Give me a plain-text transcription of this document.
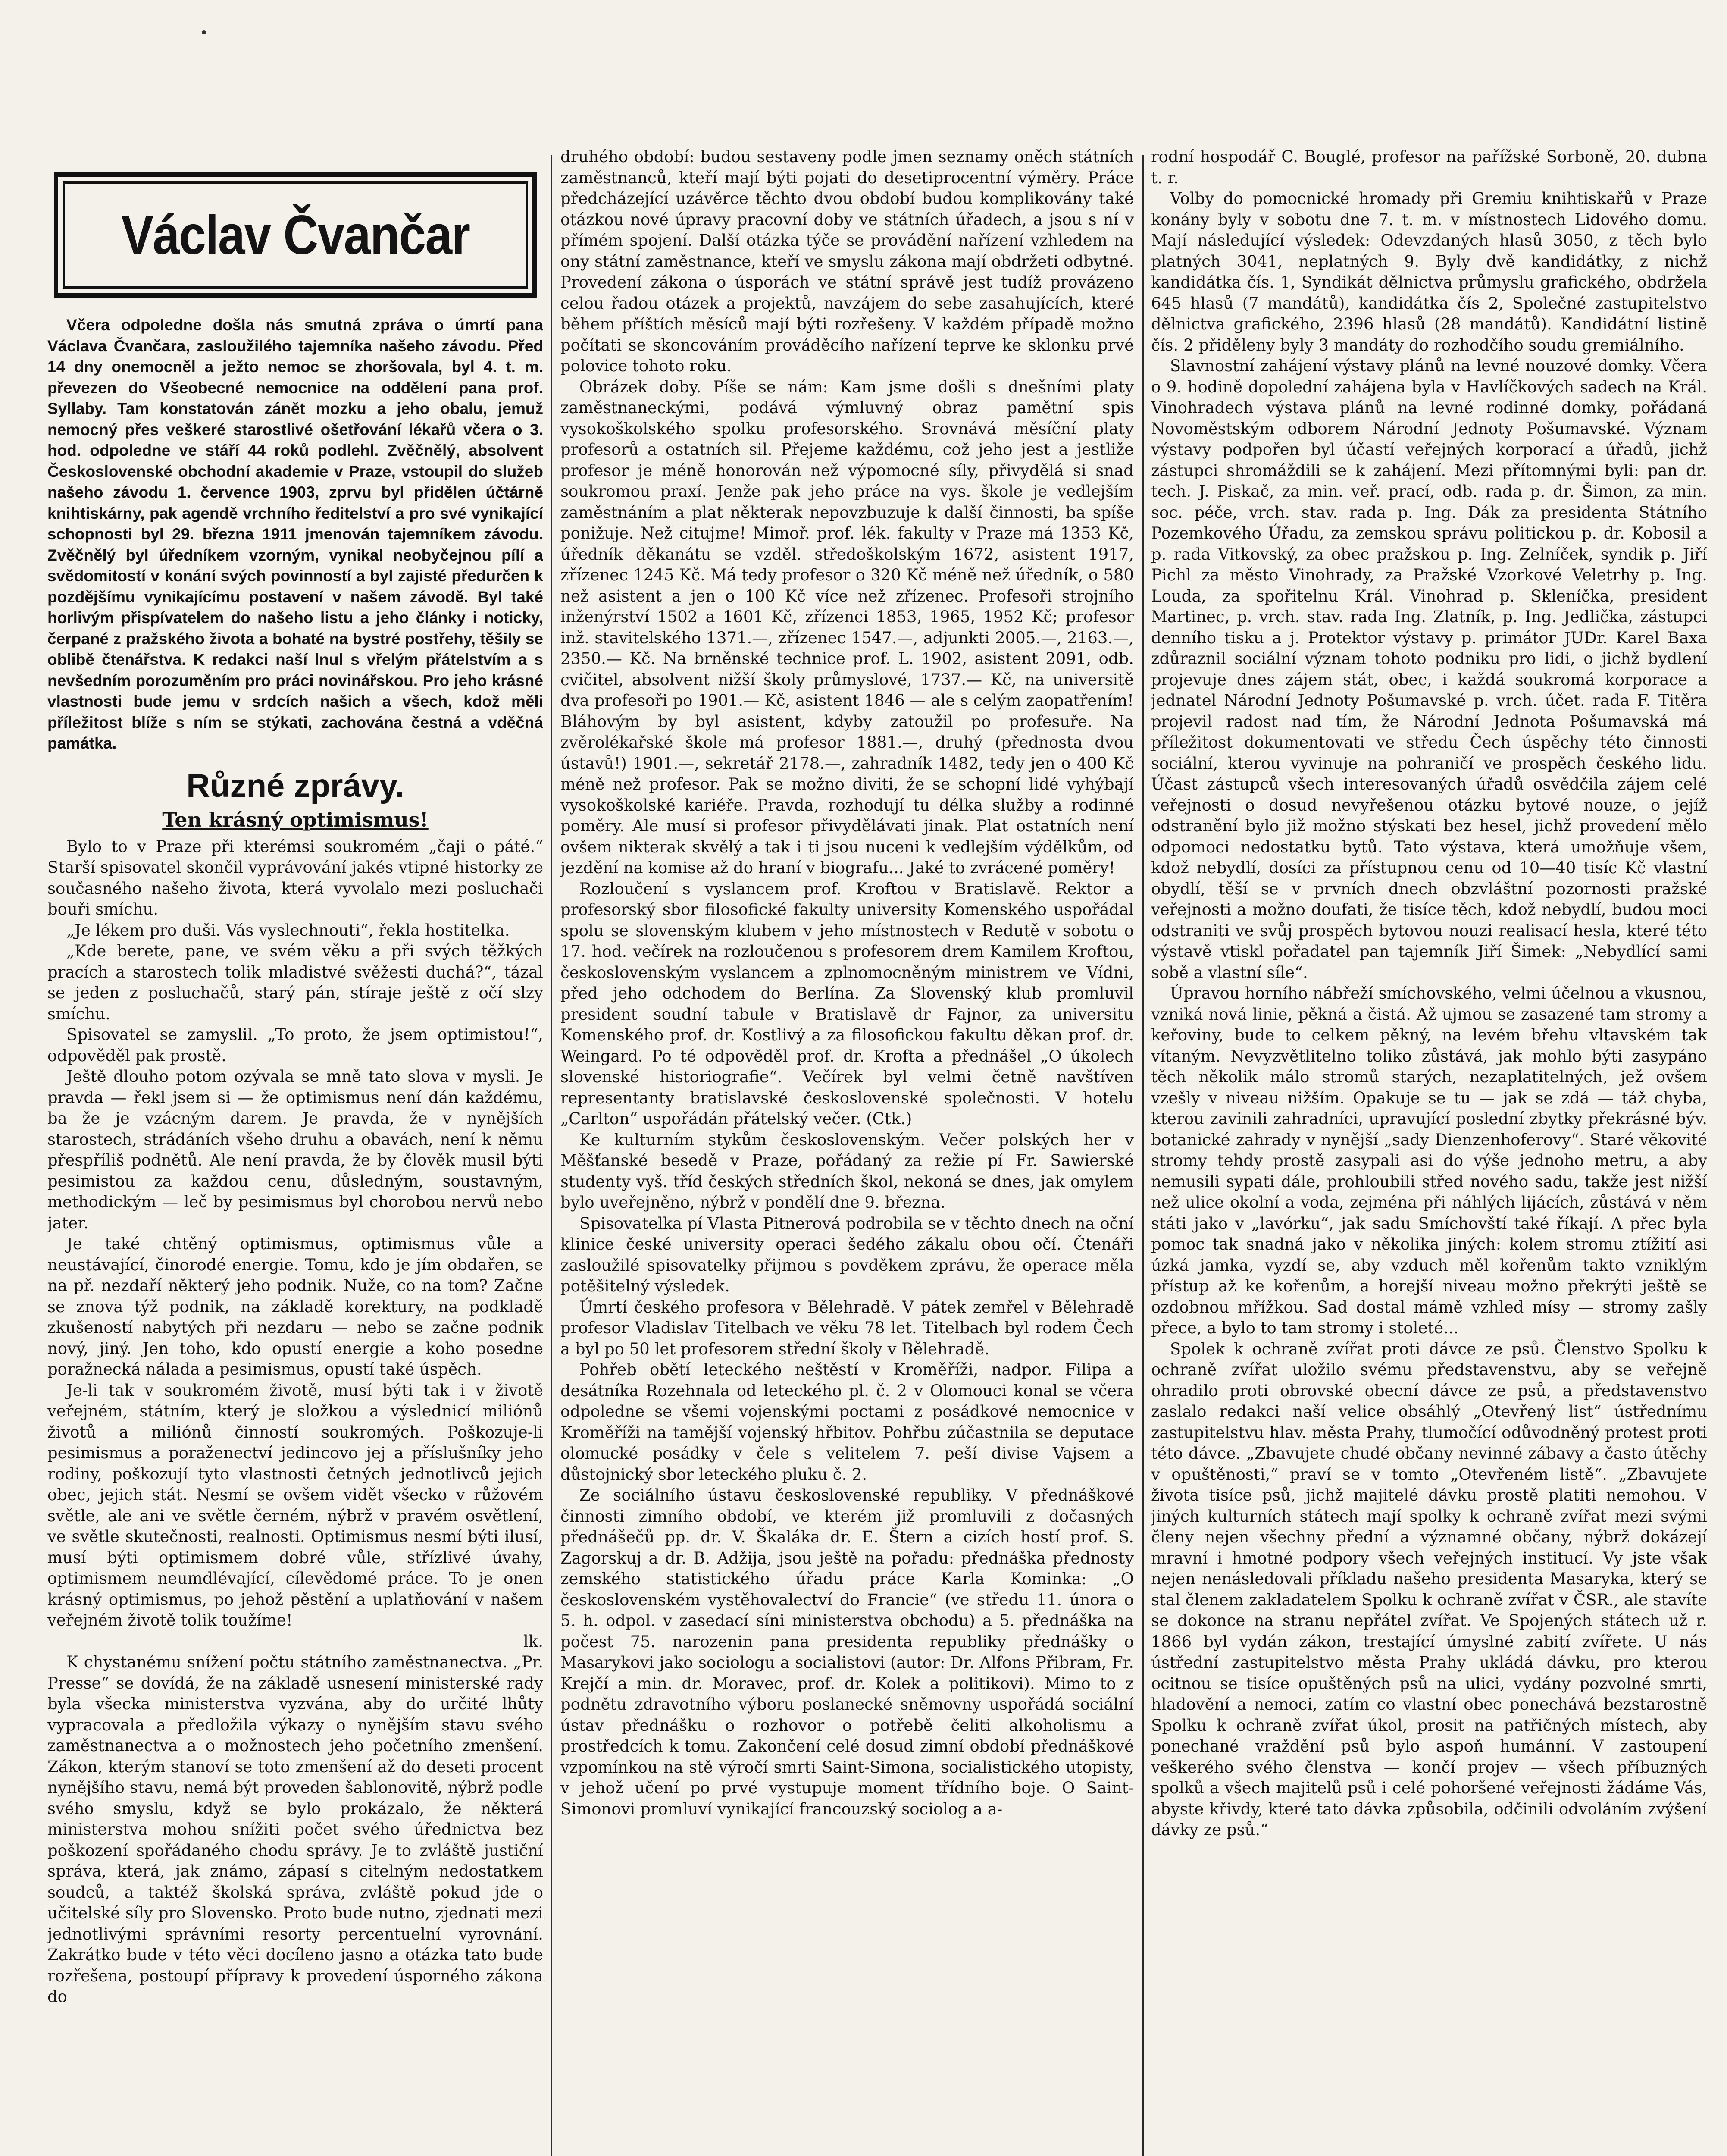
Václav Čvančar

Včera odpoledne došla nás smutná zpráva o úmrtí pana Václava Čvančara, zasloužilého tajemníka našeho závodu. Před 14 dny onemocněl a ježto nemoc se zhoršovala, byl 4. t. m. převezen do Všeobecné nemocnice na oddělení pana prof. Syllaby. Tam konstatován zánět mozku a jeho obalu, jemuž nemocný přes veškeré starostlivé ošetřování lékařů včera o 3. hod. odpoledne ve stáří 44 roků podlehl. Zvěčnělý, absolvent Československé obchodní akademie v Praze, vstoupil do služeb našeho závodu 1. července 1903, zprvu byl přidělen účtárně knihtiskárny, pak agendě vrchního ředitelství a pro své vynikající schopnosti byl 29. března 1911 jmenován tajemníkem závodu. Zvěčnělý byl úředníkem vzorným, vynikal neobyčejnou pílí a svědomitostí v konání svých povinností a byl zajisté předurčen k pozdějšímu vynikajícímu postavení v našem závodě. Byl také horlivým přispívatelem do našeho listu a jeho články i noticky, čerpané z pražského života a bohaté na bystré postřehy, těšily se oblibě čtenářstva. K redakci naší lnul s vřelým přátelstvím a s nevšedním porozuměním pro práci novinářskou. Pro jeho krásné vlastnosti bude jemu v srdcích našich a všech, kdož měli příležitost blíže s ním se stýkati, zachována čestná a vděčná památka.

Různé zprávy.
Ten krásný optimismus!

Bylo to v Praze při kterémsi soukromém „čaji o páté.“ Starší spisovatel skončil vyprávování jakés vtipné historky ze současného našeho života, která vyvolalo mezi posluchači bouři smíchu.

„Je lékem pro duši. Vás vyslechnouti“, řekla hostitelka.

„Kde berete, pane, ve svém věku a při svých těžkých pracích a starostech tolik mladistvé svěžesti duchá?“, tázal se jeden z posluchačů, starý pán, stíraje ještě z očí slzy smíchu.

Spisovatel se zamyslil. „To proto, že jsem optimistou!“, odpověděl pak prostě.

Ještě dlouho potom ozývala se mně tato slova v mysli. Je pravda — řekl jsem si — že optimismus není dán každému, ba že je vzácným darem. Je pravda, že v nynějších starostech, strádáních všeho druhu a obavách, není k němu přespříliš podnětů. Ale není pravda, že by člověk musil býti pesimistou za každou cenu, důsledným, soustavným, methodickým — leč by pesimismus byl chorobou nervů nebo jater.

Je také chtěný optimismus, optimismus vůle a neustávající, činorodé energie. Tomu, kdo je jím obdařen, se na př. nezdaří některý jeho podnik. Nuže, co na tom? Začne se znova týž podnik, na základě korektury, na podkladě zkušeností nabytých při nezdaru — nebo se začne podnik nový, jiný. Jen toho, kdo opustí energie a koho posedne poražnecká nálada a pesimismus, opustí také úspěch.

Je-li tak v soukromém životě, musí býti tak i v životě veřejném, státním, který je složkou a výslednicí miliónů životů a miliónů činností soukromých. Poškozuje-li pesimismus a poraženectví jedincovo jej a příslušníky jeho rodiny, poškozují tyto vlastnosti četných jednotlivců jejich obec, jejich stát. Nesmí se ovšem vidět všecko v růžovém světle, ale ani ve světle černém, nýbrž v pravém osvětlení, ve světle skutečnosti, realnosti. Optimismus nesmí býti ilusí, musí býti optimismem dobré vůle, střízlivé úvahy, optimismem neumdlévající, cílevědomé práce. To je onen krásný optimismus, po jehož pěstění a uplatňování v našem veřejném životě tolik toužíme!

lk.

K chystanému snížení počtu státního zaměstnanectva. „Pr. Presse“ se dovídá, že na základě usnesení ministerské rady byla všecka ministerstva vyzvána, aby do určité lhůty vypracovala a předložila výkazy o nynějším stavu svého zaměstnanectva a o možnostech jeho početního zmenšení. Zákon, kterým stanoví se toto zmenšení až do deseti procent nynějšího stavu, nemá být proveden šablonovitě, nýbrž podle svého smyslu, když se bylo prokázalo, že některá ministerstva mohou snížiti počet svého úřednictva bez poškození spořádaného chodu správy. Je to zvláště justiční správa, která, jak známo, zápasí s citelným nedostatkem soudců, a taktéž školská správa, zvláště pokud jde o učitelské síly pro Slovensko. Proto bude nutno, zjednati mezi jednotlivými správními resorty percentuelní vyrovnání. Zakrátko bude v této věci docíleno jasno a otázka tato bude rozřešena, postoupí přípravy k provedení úsporného zákona do

druhého období: budou sestaveny podle jmen seznamy oněch státních zaměstnanců, kteří mají býti pojati do desetiprocentní výměry. Práce předcházející uzávěrce těchto dvou období budou komplikovány také otázkou nové úpravy pracovní doby ve státních úřadech, a jsou s ní v přímém spojení. Další otázka týče se provádění nařízení vzhledem na ony státní zaměstnance, kteří ve smyslu zákona mají obdržeti odbytné. Provedení zákona o úsporách ve státní správě jest tudíž provázeno celou řadou otázek a projektů, navzájem do sebe zasahujících, které během příštích měsíců mají býti rozřešeny. V každém případě možno počítati se skoncováním prováděcího nařízení teprve ke sklonku prvé polovice tohoto roku.

Obrázek doby. Píše se nám: Kam jsme došli s dnešními platy zaměstnaneckými, podává výmluvný obraz pamětní spis vysokoškolského spolku profesorského. Srovnává měsíční platy profesorů a ostatních sil. Přejeme každému, což jeho jest a jestliže profesor je méně honorován než výpomocné síly, přivydělá si snad soukromou praxí. Jenže pak jeho práce na vys. škole je vedlejším zaměstnáním a plat některak nepovzbuzuje k další činnosti, ba spíše ponižuje. Než citujme! Mimoř. prof. lék. fakulty v Praze má 1353 Kč, úředník děkanátu se vzděl. středoškolským 1672, asistent 1917, zřízenec 1245 Kč. Má tedy profesor o 320 Kč méně než úředník, o 580 než asistent a jen o 100 Kč více než zřízenec. Profesoři strojního inženýrství 1502 a 1601 Kč, zřízenci 1853, 1965, 1952 Kč; profesor inž. stavitelského 1371.—, zřízenec 1547.—, adjunkti 2005.—, 2163.—, 2350.— Kč. Na brněnské technice prof. L. 1902, asistent 2091, odb. cvičitel, absolvent nižší školy průmyslové, 1737.— Kč, na universitě dva profesoři po 1901.— Kč, asistent 1846 — ale s celým zaopatřením! Bláhovým by byl asistent, kdyby zatoužil po profesuře. Na zvěrolékařské škole má profesor 1881.—, druhý (přednosta dvou ústavů!) 1901.—, sekretář 2178.—, zahradník 1482, tedy jen o 400 Kč méně než profesor. Pak se možno diviti, že se schopní lidé vyhýbají vysokoškolské kariéře. Pravda, rozhodují tu délka služby a rodinné poměry. Ale musí si profesor přivydělávati jinak. Plat ostatních není ovšem nikterak skvělý a tak i ti jsou nuceni k vedlejším výdělkům, od jezdění na komise až do hraní v biografu... Jaké to zvrácené poměry!

Rozloučení s vyslancem prof. Kroftou v Bratislavě. Rektor a profesorský sbor filosofické fakulty university Komenského uspořádal spolu se slovenským klubem v jeho místnostech v Redutě v sobotu o 17. hod. večírek na rozloučenou s profesorem drem Kamilem Kroftou, československým vyslancem a zplnomocněným ministrem ve Vídni, před jeho odchodem do Berlína. Za Slovenský klub promluvil president soudní tabule v Bratislavě dr Fajnor, za universitu Komenského prof. dr. Kostlivý a za filosofickou fakultu děkan prof. dr. Weingard. Po té odpověděl prof. dr. Krofta a přednášel „O úkolech slovenské historiografie“. Večírek byl velmi četně navštíven representanty bratislavské československé společnosti. V hotelu „Carlton“ uspořádán přátelský večer. (Ctk.)

Ke kulturním stykům československým. Večer polských her v Měšťanské besedě v Praze, pořádaný za režie pí Fr. Sawierské studenty vyš. tříd českých středních škol, nekoná se dnes, jak omylem bylo uveřejněno, nýbrž v pondělí dne 9. března.

Spisovatelka pí Vlasta Pitnerová podrobila se v těchto dnech na oční klinice české university operaci šedého zákalu obou očí. Čtenáři zasloužilé spisovatelky přijmou s povděkem zprávu, že operace měla potěšitelný výsledek.

Úmrtí českého profesora v Bělehradě. V pátek zemřel v Bělehradě profesor Vladislav Titelbach ve věku 78 let. Titelbach byl rodem Čech a byl po 50 let profesorem střední školy v Bělehradě.

Pohřeb obětí leteckého neštěstí v Kroměříži, nadpor. Filipa a desátníka Rozehnala od leteckého pl. č. 2 v Olomouci konal se včera odpoledne se všemi vojenskými poctami z posádkové nemocnice v Kroměříži na tamější vojenský hřbitov. Pohřbu zúčastnila se deputace olomucké posádky v čele s velitelem 7. peší divise Vajsem a důstojnický sbor leteckého pluku č. 2.

Ze sociálního ústavu československé republiky. V přednáškové činnosti zimního období, ve kterém již promluvili z dočasných přednášečů pp. dr. V. Škaláka dr. E. Štern a cizích hostí prof. S. Zagorskuj a dr. B. Adžija, jsou ještě na pořadu: přednáška přednosty zemského statistického úřadu práce Karla Kominka: „O československém vystěhovalectví do Francie“ (ve středu 11. února o 5. h. odpol. v zasedací síni ministerstva obchodu) a 5. přednáška na počest 75. narozenin pana presidenta republiky přednášky o Masarykovi jako sociologu a socialistovi (autor: Dr. Alfons Přibram, Fr. Krejčí a min. dr. Moravec, prof. dr. Kolek a politikovi). Mimo to z podnětu zdravotního výboru poslanecké sněmovny uspořádá sociální ústav přednášku o rozhovor o potřebě čeliti alkoholismu a prostředcích k tomu. Zakončení celé dosud zimní období přednáškové vzpomínkou na stě výročí smrti Saint-Simona, socialistického utopisty, v jehož učení po prvé vystupuje moment třídního boje. O Saint-Simonovi promluví vynikající francouzský sociolog a a-

rodní hospodář C. Bouglé, profesor na pařížské Sorboně, 20. dubna t. r.

Volby do pomocnické hromady při Gremiu knihtiskařů v Praze konány byly v sobotu dne 7. t. m. v místnostech Lidového domu. Mají následující výsledek: Odevzdaných hlasů 3050, z těch bylo platných 3041, neplatných 9. Byly dvě kandidátky, z nichž kandidátka čís. 1, Syndikát dělnictva průmyslu grafického, obdržela 645 hlasů (7 mandátů), kandidátka čís 2, Společné zastupitelstvo dělnictva grafického, 2396 hlasů (28 mandátů). Kandidátní listině čís. 2 přiděleny byly 3 mandáty do rozhodčího soudu gremiálního.

Slavnostní zahájení výstavy plánů na levné nouzové domky. Včera o 9. hodině dopolední zahájena byla v Havlíčkových sadech na Král. Vinohradech výstava plánů na levné rodinné domky, pořádaná Novoměstským odborem Národní Jednoty Pošumavské. Význam výstavy podpořen byl účastí veřejných korporací a úřadů, jichž zástupci shromáždili se k zahájení. Mezi přítomnými byli: pan dr. tech. J. Piskač, za min. veř. prací, odb. rada p. dr. Šimon, za min. soc. péče, vrch. stav. rada p. Ing. Dák za presidenta Státního Pozemkového Úřadu, za zemskou správu politickou p. dr. Kobosil a p. rada Vitkovský, za obec pražskou p. Ing. Zelníček, syndik p. Jiří Pichl za město Vinohrady, za Pražské Vzorkové Veletrhy p. Ing. Louda, za spořitelnu Král. Vinohrad p. Skleníčka, president Martinec, p. vrch. stav. rada Ing. Zlatník, p. Ing. Jedlička, zástupci denního tisku a j. Protektor výstavy p. primátor JUDr. Karel Baxa zdůraznil sociální význam tohoto podniku pro lidi, o jichž bydlení projevuje dnes zájem stát, obec, i každá soukromá korporace a jednatel Národní Jednoty Pošumavské p. vrch. účet. rada F. Titěra projevil radost nad tím, že Národní Jednota Pošumavská má příležitost dokumentovati ve středu Čech úspěchy této činnosti sociální, kterou vyvinuje na pohraničí ve prospěch českého lidu. Účast zástupců všech interesovaných úřadů osvědčila zájem celé veřejnosti o dosud nevyřešenou otázku bytové nouze, o jejíž odstranění bylo již možno stýskati bez hesel, jichž provedení mělo odpomoci nedostatku bytů. Tato výstava, která umožňuje všem, kdož nebydlí, dosíci za přístupnou cenu od 10—40 tisíc Kč vlastní obydlí, těší se v prvních dnech obzvláštní pozornosti pražské veřejnosti a možno doufati, že tisíce těch, kdož nebydlí, budou moci odstraniti ve svůj prospěch bytovou nouzi realisací hesla, které této výstavě vtiskl pořadatel pan tajemník Jiří Šimek: „Nebydlící sami sobě a vlastní síle“.

Úpravou horního nábřeží smíchovského, velmi účelnou a vkusnou, vzniká nová linie, pěkná a čistá. Až ujmou se zasazené tam stromy a keřoviny, bude to celkem pěkný, na levém břehu vltavském tak vítaným. Nevyzvětlitelno toliko zůstává, jak mohlo býti zasypáno těch několik málo stromů starých, nezaplatitelných, jež ovšem vzešly v niveau nižším. Opakuje se tu — jak se zdá — táž chyba, kterou zavinili zahradníci, upravující poslední zbytky překrásné býv. botanické zahrady v nynější „sady Dienzenhoferovy“. Staré věkovité stromy tehdy prostě zasypali asi do výše jednoho metru, a aby nemusili sypati dále, prohloubili střed nového sadu, takže jest nižší než ulice okolní a voda, zejména při náhlých lijácích, zůstává v něm státi jako v „lavórku“, jak sadu Smíchovští také říkají. A přec byla pomoc tak snadná jako v několika jiných: kolem stromu ztížití asi úzká jamka, vyzdí se, aby vzduch měl kořenům takto vzniklým přístup až ke kořenům, a horejší niveau možno překrýti ještě se ozdobnou mřížkou. Sad dostal mámě vzhled mísy — stromy zašly přece, a bylo to tam stromy i stoleté...

Spolek k ochraně zvířat proti dávce ze psů. Členstvo Spolku k ochraně zvířat uložilo svému představenstvu, aby se veřejně ohradilo proti obrovské obecní dávce ze psů, a představenstvo zaslalo redakci naší velice obsáhlý „Otevřený list“ ústřednímu zastupitelstvu hlav. města Prahy, tlumočící odůvodněný protest proti této dávce. „Zbavujete chudé občany nevinné zábavy a často útěchy v opuštěnosti,“ praví se v tomto „Otevřeném listě“. „Zbavujete života tisíce psů, jichž majitelé dávku prostě platiti nemohou. V jiných kulturních státech mají spolky k ochraně zvířat mezi svými členy nejen všechny přední a významné občany, nýbrž dokázejí mravní i hmotné podpory všech veřejných institucí. Vy jste však nejen nenásledovali příkladu našeho presidenta Masaryka, který se stal členem zakladatelem Spolku k ochraně zvířat v ČSR., ale stavíte se dokonce na stranu nepřátel zvířat. Ve Spojených státech už r. 1866 byl vydán zákon, trestající úmyslné zabití zvířete. U nás ústřední zastupitelstvo města Prahy ukládá dávku, pro kterou ocitnou se tisíce opuštěných psů na ulici, vydány pozvolné smrti, hladovění a nemoci, zatím co vlastní obec ponechává bezstarostně Spolku k ochraně zvířat úkol, prosit na patřičných místech, aby ponechané vraždění psů bylo aspoň humánní. V zastoupení veškerého svého členstva — končí projev — všech příbuzných spolků a všech majitelů psů i celé pohoršené veřejnosti žádáme Vás, abyste křivdy, které tato dávka způsobila, odčinili odvoláním zvýšení dávky ze psů.“
